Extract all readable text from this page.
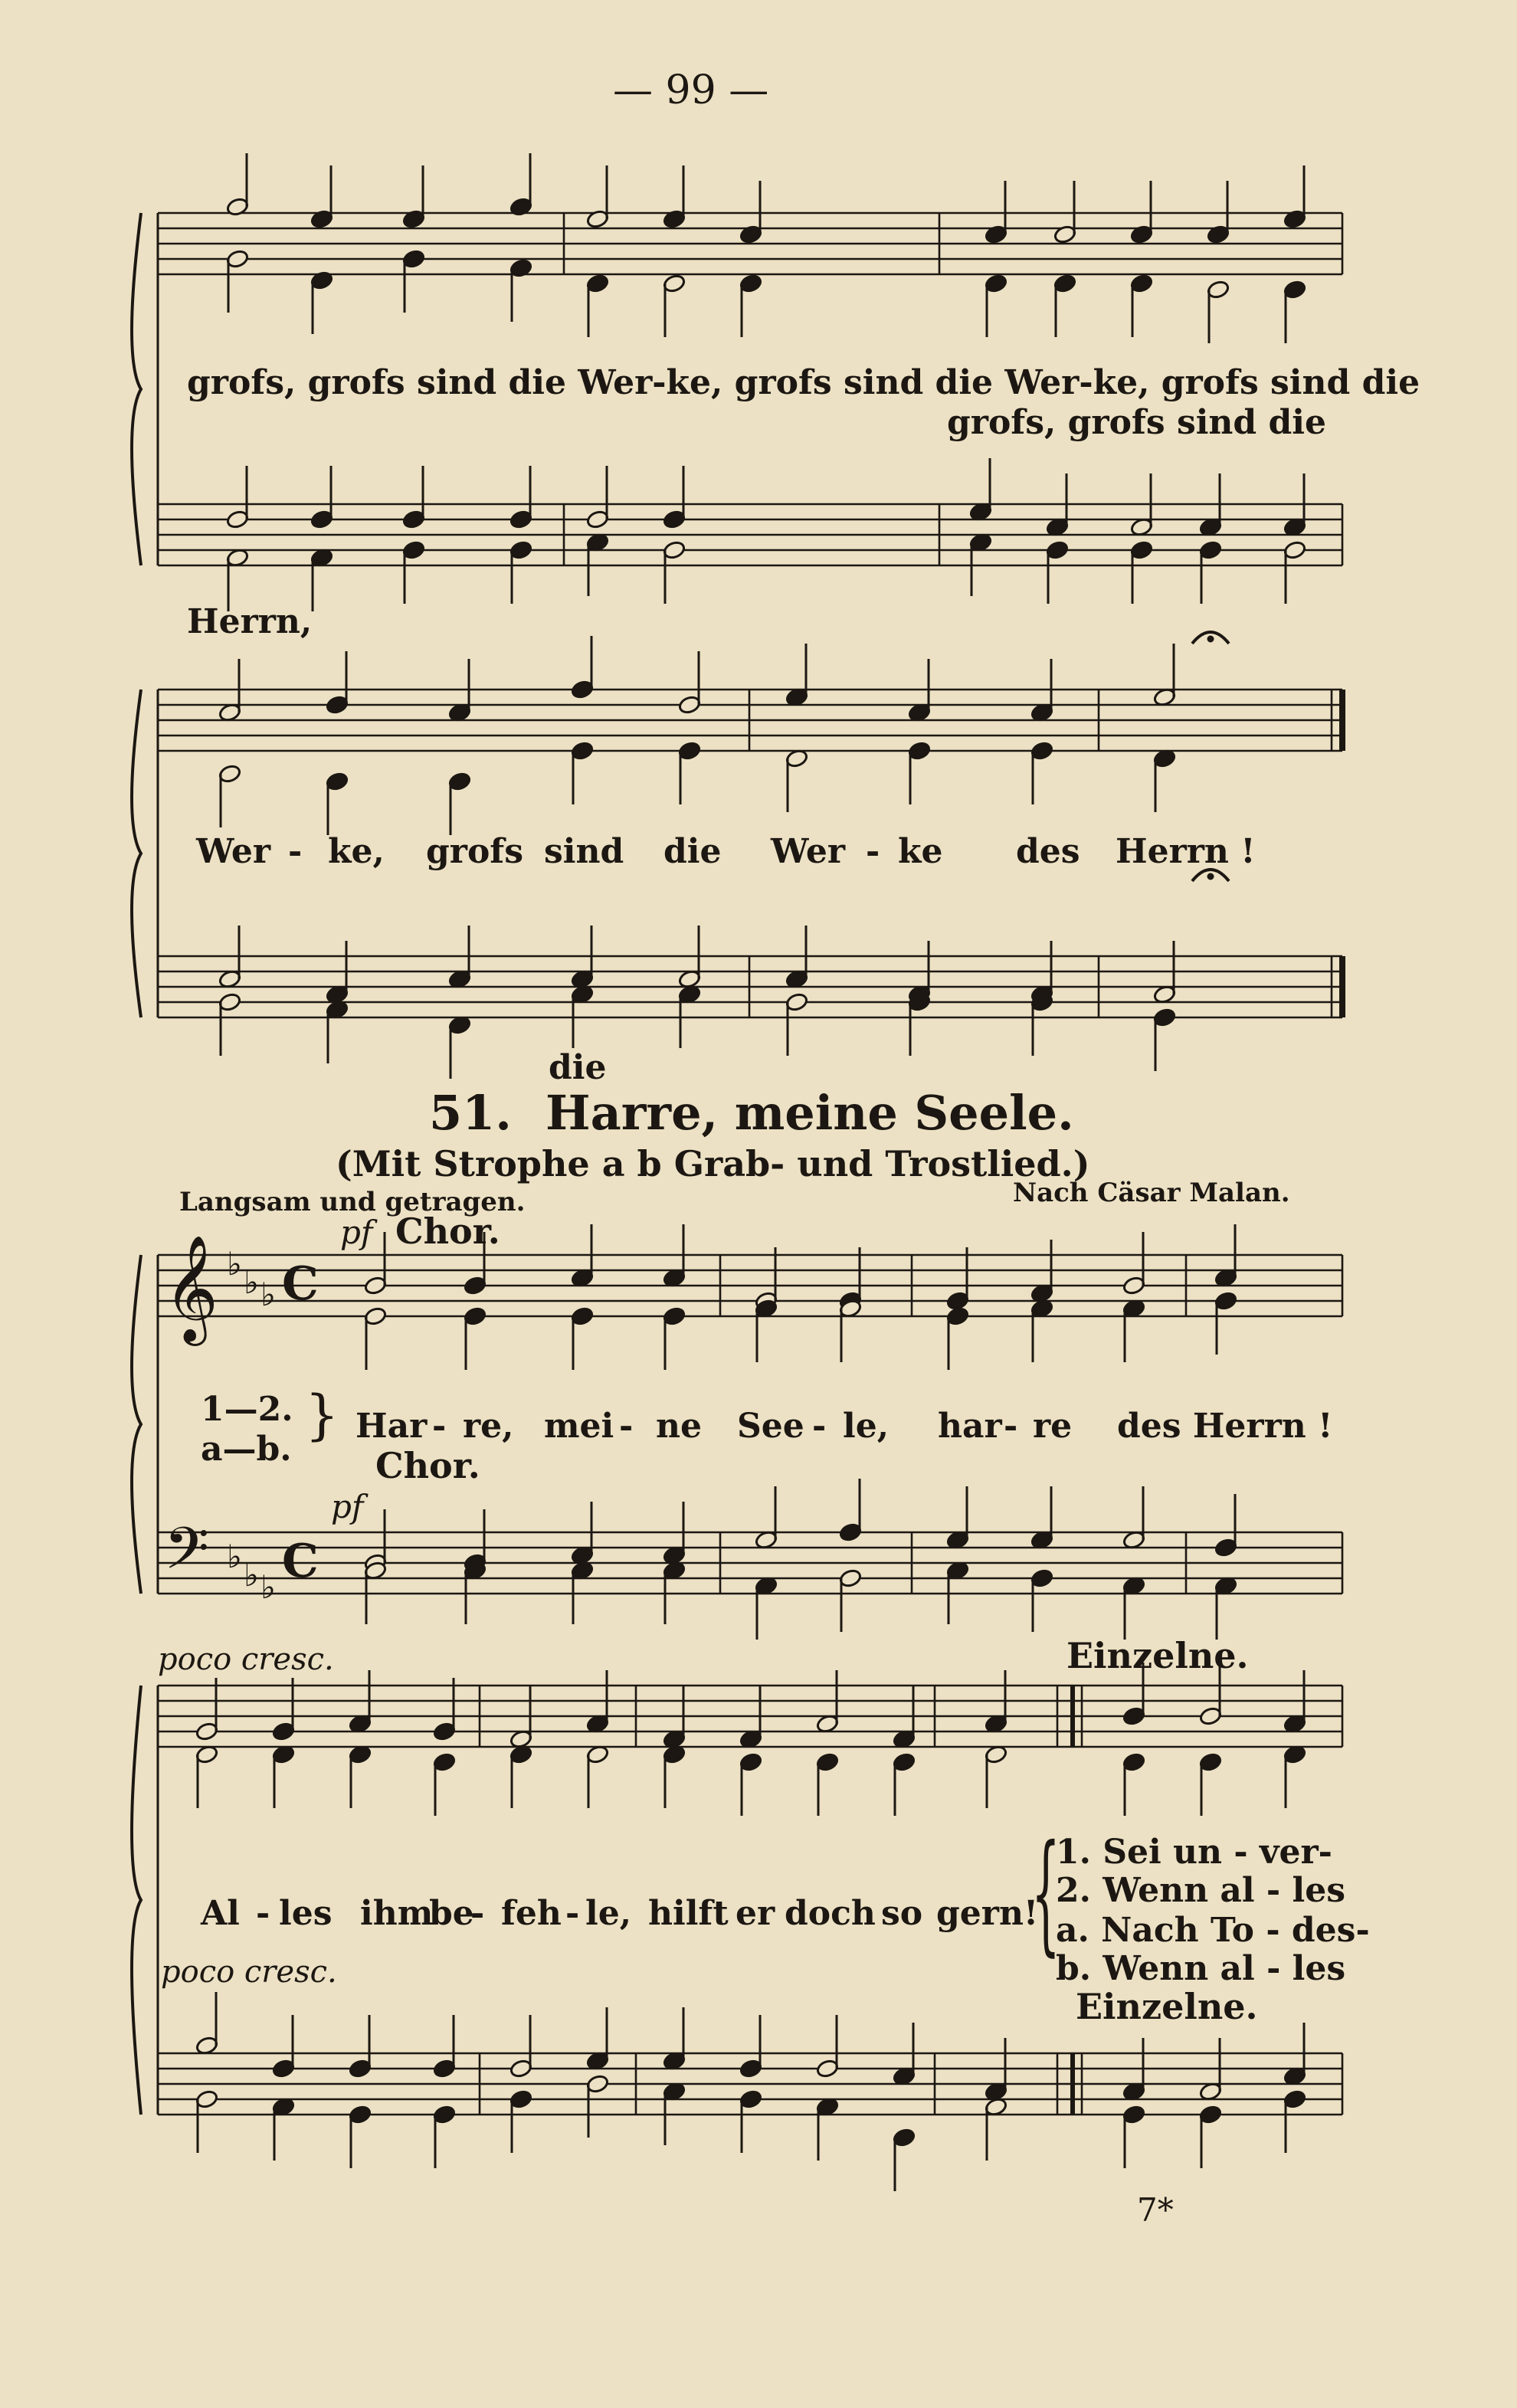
𝄞
𝄢
♭ ♭ ♭
♭ ♭ ♭
C
C
— 99 —
grofs, grofs sind die Wer-ke, grofs sind die Wer-ke, grofs sind die
grofs, grofs sind die
Herrn,
Wer - ke, grofs sind die Wer - ke des Herrn !
die
51. Harre, meine Seele.
(Mit Strophe a b Grab- und Trostlied.)
Langsam und getragen.	Nach Cäsar Malan.
pf Chor.
1—2.
a—b.
} Har - re, mei - ne See - le, har - re des Herrn !
Chor.
pf
poco cresc.	Einzelne.
Al - les ihm
be
- feh - le, hilft er doch so gern!
{
1. Sei un - ver-
2. Wenn al - les
a. Nach To - des-
b. Wenn al - les
poco cresc.
Einzelne.
7*
